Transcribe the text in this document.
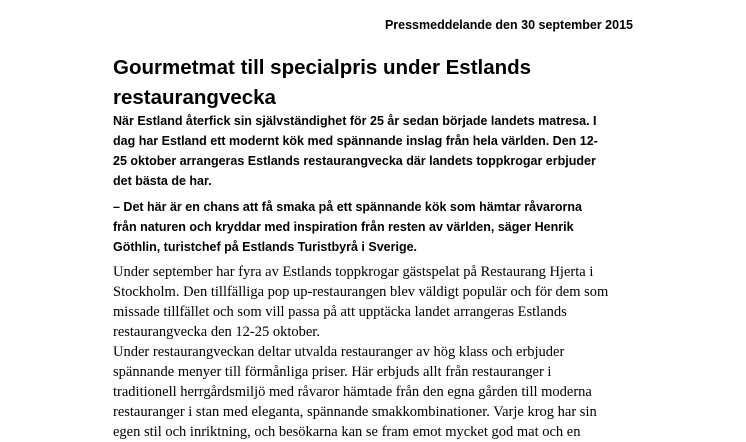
Pressmeddelande den 30 september 2015
Gourmetmat till specialpris under Estlands
restaurangvecka

När Estland återfick sin självständighet för 25 år sedan började landets matresa. I
dag har Estland ett modernt kök med spännande inslag från hela världen. Den 12-
25 oktober arrangeras Estlands restaurangvecka där landets toppkrogar erbjuder
det bästa de har.

– Det här är en chans att få smaka på ett spännande kök som hämtar råvarorna
från naturen och kryddar med inspiration från resten av världen, säger Henrik
Göthlin, turistchef på Estlands Turistbyrå i Sverige.

Under september har fyra av Estlands toppkrogar gästspelat på Restaurang Hjerta i
Stockholm. Den tillfälliga pop up-restaurangen blev väldigt populär och för dem som
missade tillfället och som vill passa på att upptäcka landet arrangeras Estlands
restaurangvecka den 12-25 oktober.

Under restaurangveckan deltar utvalda restauranger av hög klass och erbjuder
spännande menyer till förmånliga priser. Här erbjuds allt från restauranger i
traditionell herrgårdsmiljö med råvaror hämtade från den egna gården till moderna
restauranger i stan med eleganta, spännande smakkombinationer. Varje krog har sin
egen stil och inriktning, och besökarna kan se fram emot mycket god mat och en
